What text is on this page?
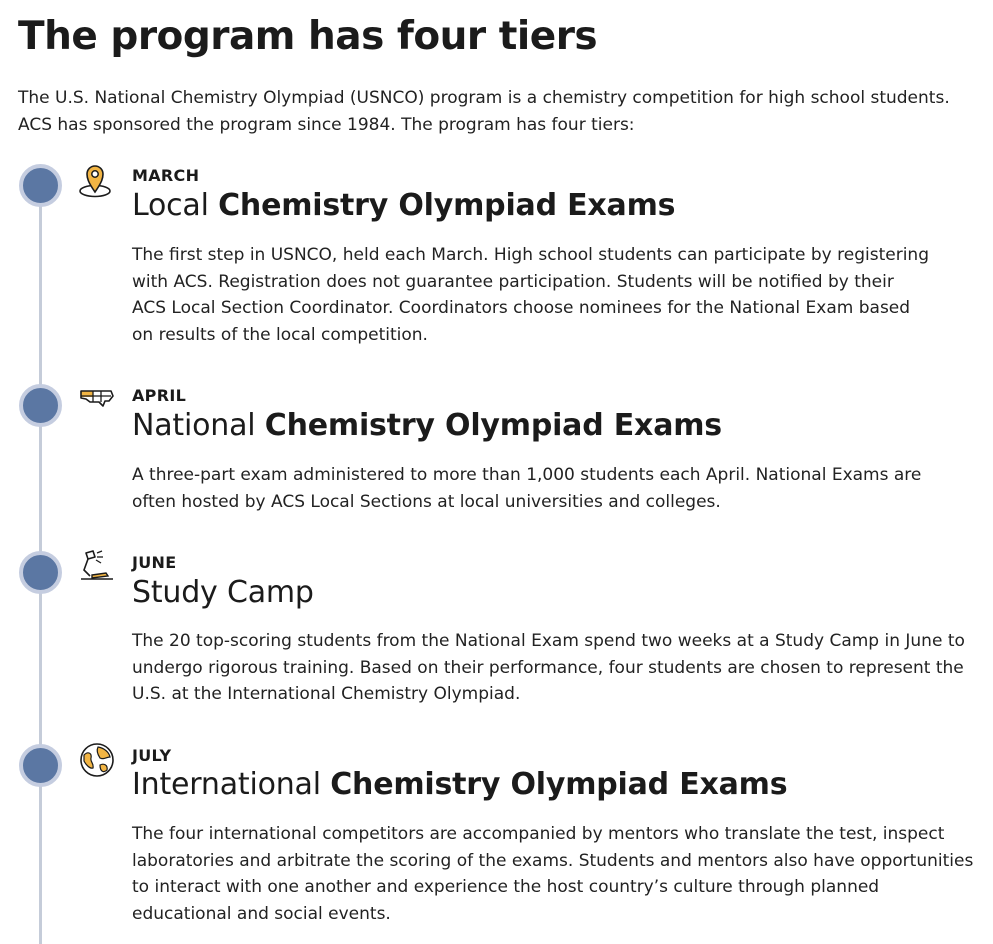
The program has four tiers

The U.S. National Chemistry Olympiad (USNCO) program is a chemistry competition for high school students. ACS has sponsored the program since 1984. The program has four tiers:

MARCH
Local Chemistry Olympiad Exams

The first step in USNCO, held each March. High school students can participate by registering with ACS. Registration does not guarantee participation. Students will be notified by their ACS Local Section Coordinator. Coordinators choose nominees for the National Exam based on results of the local competition.

APRIL
National Chemistry Olympiad Exams

A three-part exam administered to more than 1,000 students each April. National Exams are often hosted by ACS Local Sections at local universities and colleges.

JUNE
Study Camp

The 20 top-scoring students from the National Exam spend two weeks at a Study Camp in June to undergo rigorous training. Based on their performance, four students are chosen to represent the U.S. at the International Chemistry Olympiad.

JULY
International Chemistry Olympiad Exams

The four international competitors are accompanied by mentors who translate the test, inspect laboratories and arbitrate the scoring of the exams. Students and mentors also have opportunities to interact with one another and experience the host country’s culture through planned educational and social events.
